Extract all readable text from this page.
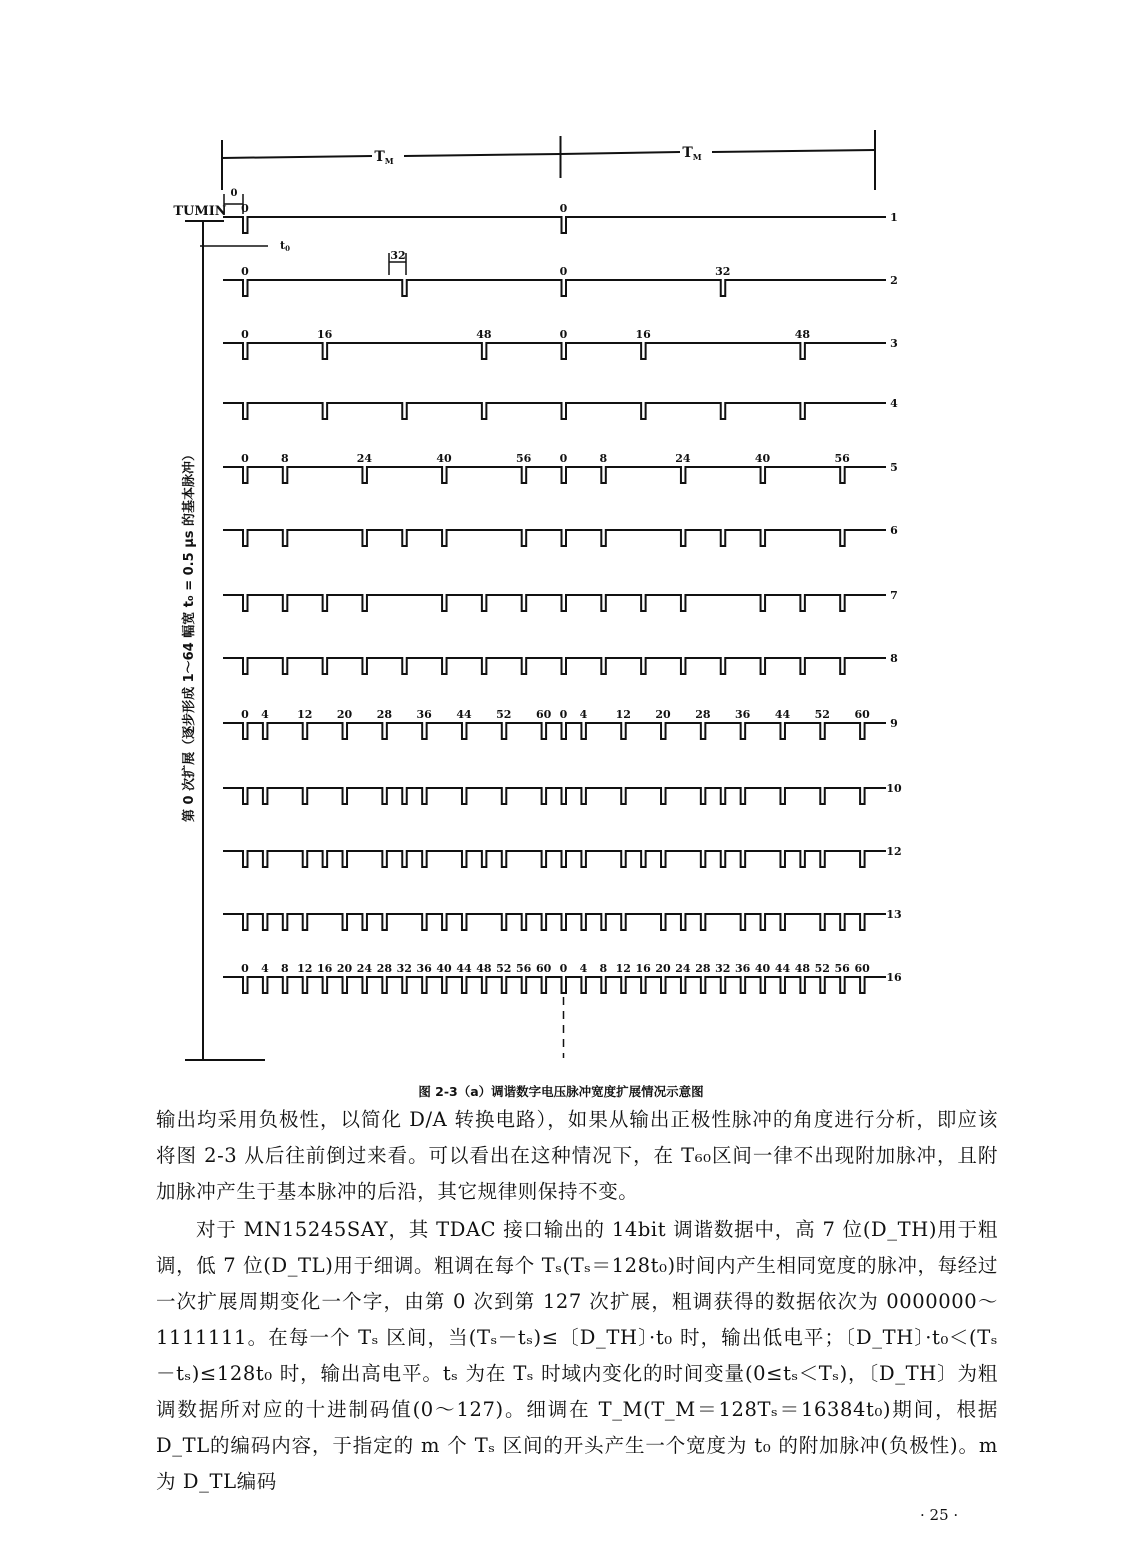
$T_M$	$T_M$
TUMIN
0
t0
32
0	0
1
0	0	32
2
0	16	48	0	16	48
3
4
0	8	24	40	56	0	8	24	40	56
5
6
7
8
0 4	12 20 28 36 44 52 60 0 4	12 20 28 36 44 52 60
9
10
12
13
0 4 8 12 16 20 24 28 32 36 40 44 48 52 56 60 0 4 8 12 16 20 24 28 32 36 40 44 48 52 56 60
16
第 0 次扩展（逐步形成 1～64 幅宽 t₀ = 0.5 μs 的基本脉冲）
图 2-3（a）调谐数字电压脉冲宽度扩展情况示意图
输出均采用负极性，以简化 D/A 转换电路），如果从输出正极性脉冲的角度进行分析，即应该将图 2-3 从后往前倒过来看。可以看出在这种情况下，在 T₆₀区间一律不出现附加脉冲，且附加脉冲产生于基本脉冲的后沿，其它规律则保持不变。
对于 MN15245SAY，其 TDAC 接口输出的 14bit 调谐数据中，高 7 位(D_TH)用于粗调，低 7 位(D_TL)用于细调。粗调在每个 Tₛ(Tₛ＝128t₀)时间内产生相同宽度的脉冲，每经过一次扩展周期变化一个字，由第 0 次到第 127 次扩展，粗调获得的数据依次为 0000000～1111111。在每一个 Tₛ 区间，当(Tₛ－tₛ)≤〔D_TH〕·t₀ 时，输出低电平；〔D_TH〕·t₀＜(Tₛ－tₛ)≤128t₀ 时，输出高电平。tₛ 为在 Tₛ 时域内变化的时间变量(0≤tₛ＜Tₛ)，〔D_TH〕为粗调数据所对应的十进制码值(0～127)。细调在 T_M(T_M＝128Tₛ＝16384t₀)期间，根据 D_TL的编码内容，于指定的 m 个 Tₛ 区间的开头产生一个宽度为 t₀ 的附加脉冲(负极性)。m 为 D_TL编码
· 25 ·
